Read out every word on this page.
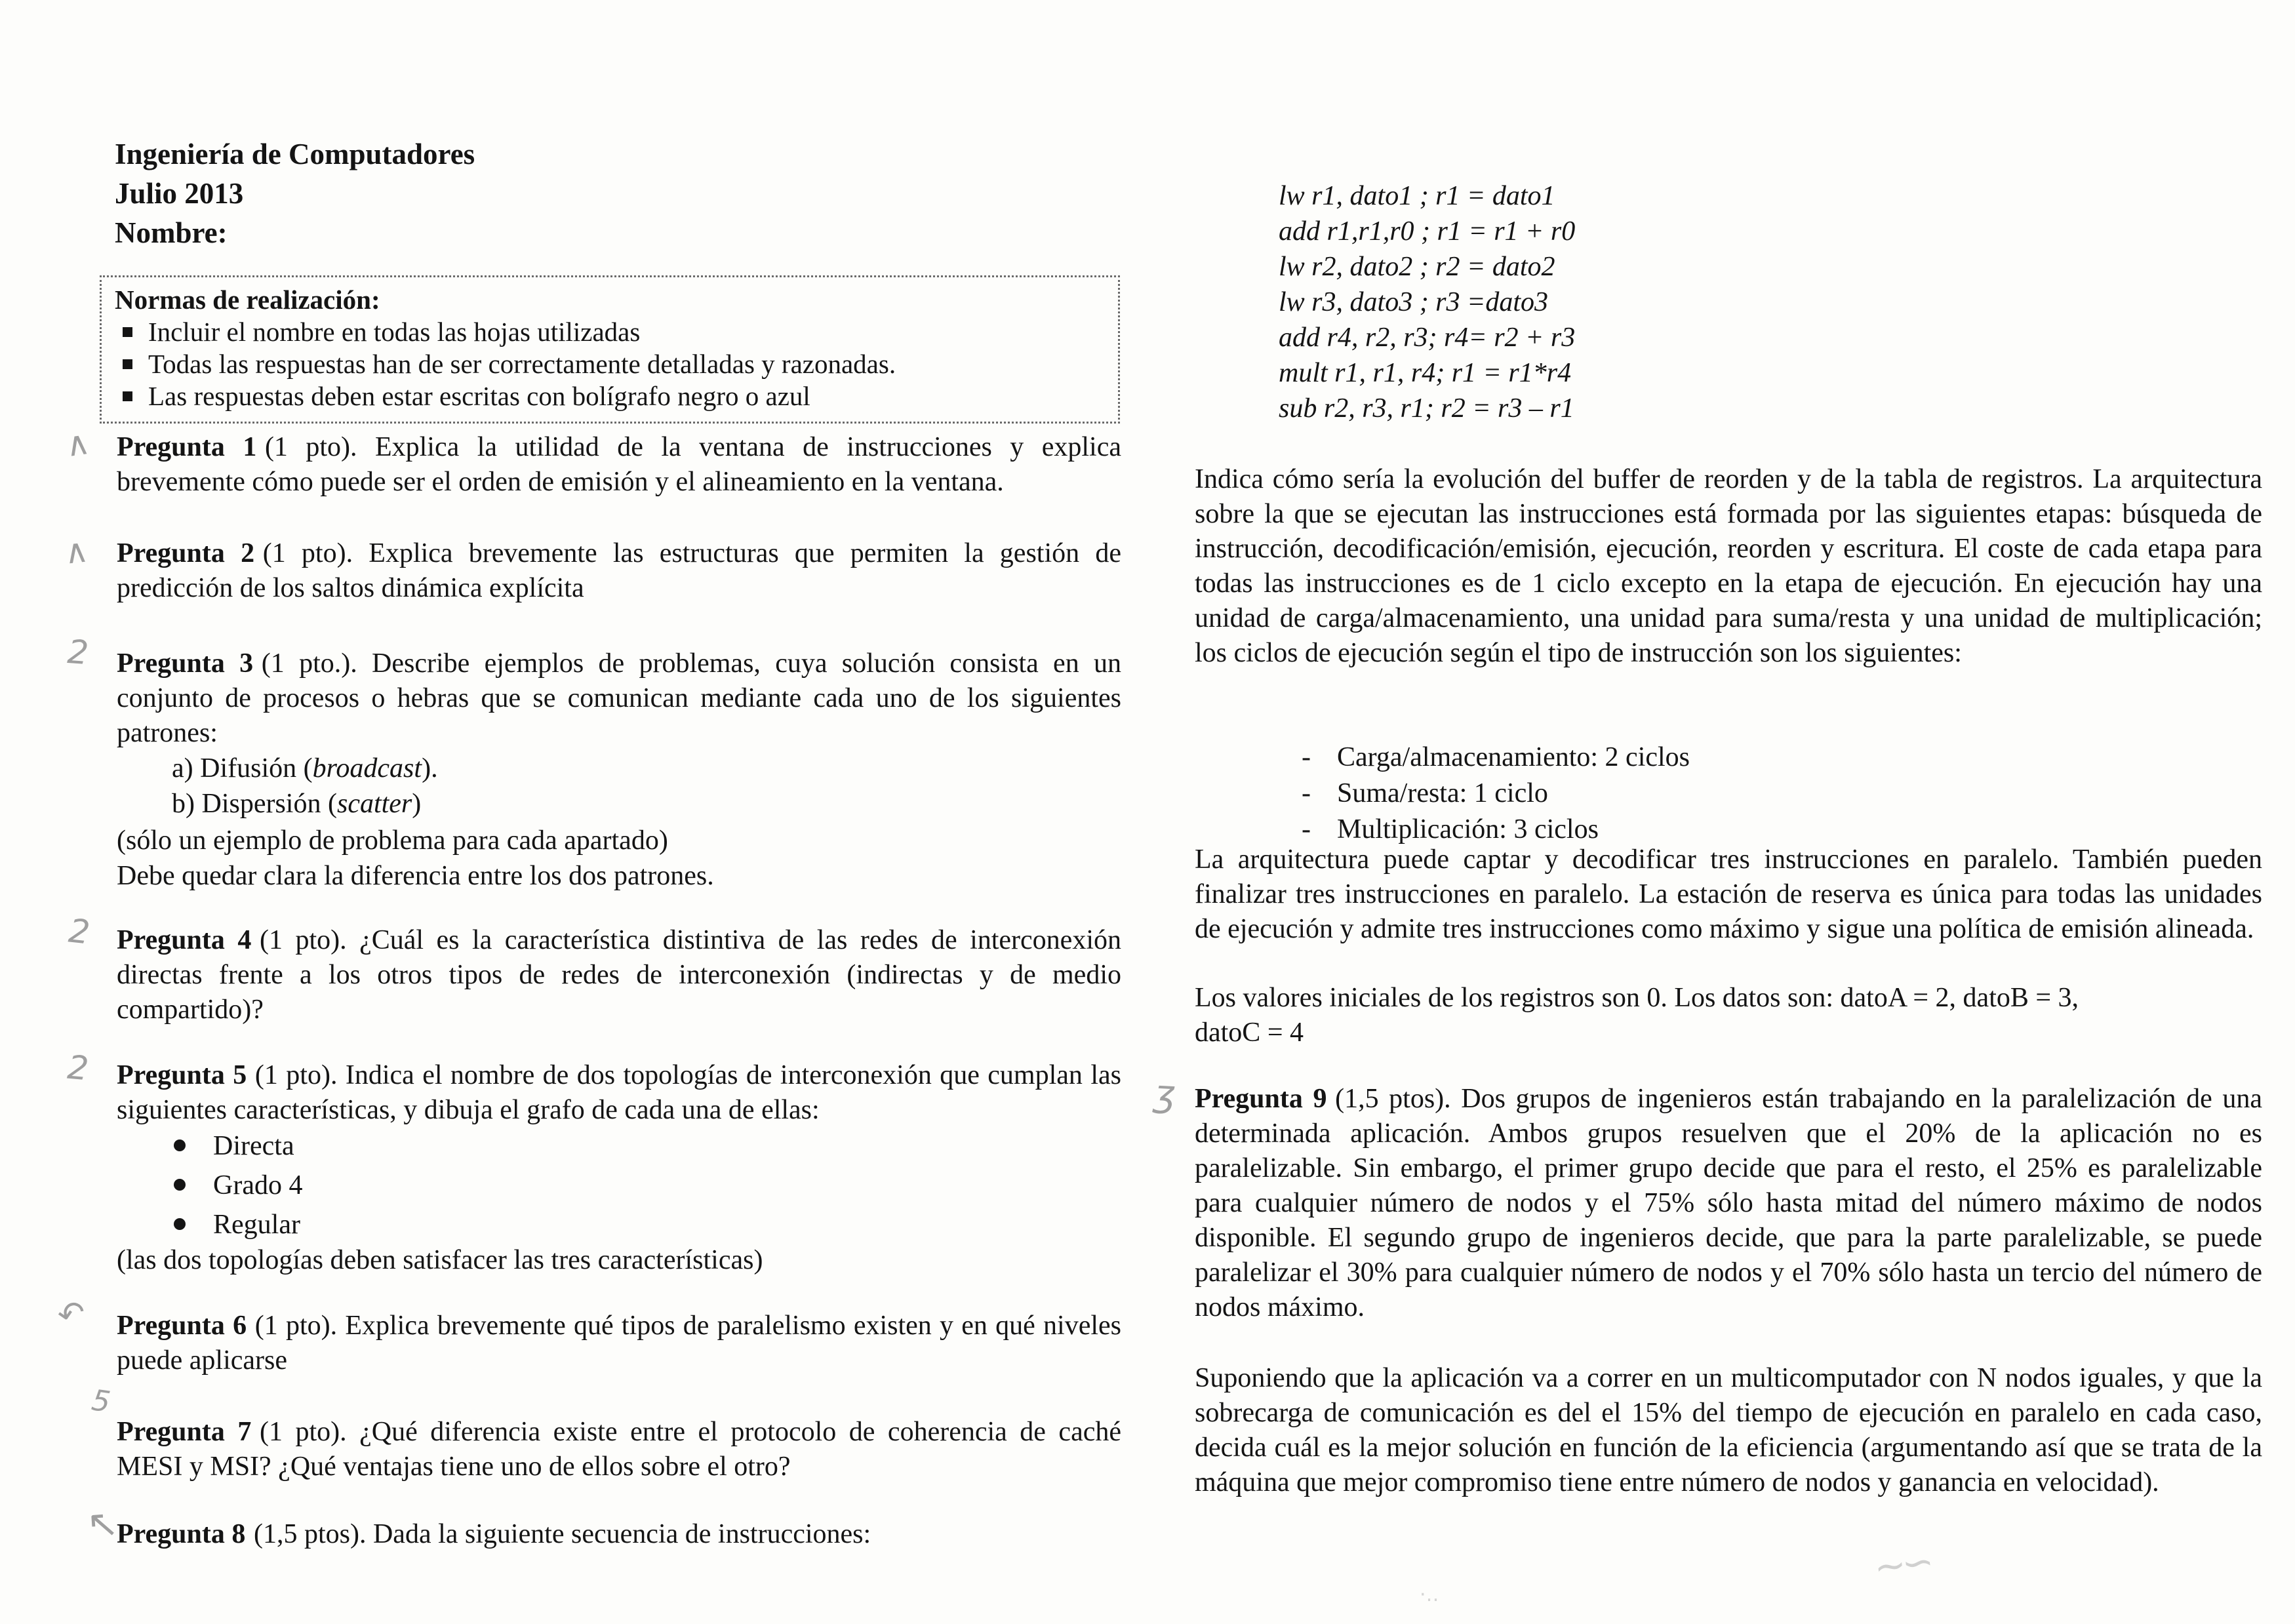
Ingeniería de Computadores
Julio 2013
Nombre:
Normas de realización:
Incluir el nombre en todas las hojas utilizadas
Todas las respuestas han de ser correctamente detalladas y razonadas.
Las respuestas deben estar escritas con bolígrafo negro o azul
Pregunta 1 (1 pto). Explica la utilidad de la ventana de instrucciones y explica brevemente cómo puede ser el orden de emisión y el alineamiento en la ventana.
Pregunta 2 (1 pto). Explica brevemente las estructuras que permiten la gestión de predicción de los saltos dinámica explícita
Pregunta 3 (1 pto.). Describe ejemplos de problemas, cuya solución consista en un conjunto de procesos o hebras que se comunican mediante cada uno de los siguientes patrones:
a) Difusión (broadcast).
b) Dispersión (scatter)
(sólo un ejemplo de problema para cada apartado)
Debe quedar clara la diferencia entre los dos patrones.
Pregunta 4 (1 pto). ¿Cuál es la característica distintiva de las redes de interconexión directas frente a los otros tipos de redes de interconexión (indirectas y de medio compartido)?
Pregunta 5 (1 pto). Indica el nombre de dos topologías de interconexión que cumplan las siguientes características, y dibuja el grafo de cada una de ellas:
Directa
Grado 4
Regular
(las dos topologías deben satisfacer las tres características)
Pregunta 6 (1 pto). Explica brevemente qué tipos de paralelismo existen y en qué niveles puede aplicarse
Pregunta 7 (1 pto). ¿Qué diferencia existe entre el protocolo de coherencia de caché MESI y MSI? ¿Qué ventajas tiene uno de ellos sobre el otro?
Pregunta 8 (1,5 ptos). Dada la siguiente secuencia de instrucciones:
lw r1, dato1 ; r1 = dato1
add r1,r1,r0 ; r1 = r1 + r0
lw r2, dato2 ; r2 = dato2
lw r3, dato3 ; r3 =dato3
add r4, r2, r3; r4= r2 + r3
mult r1, r1, r4; r1 = r1*r4
sub r2, r3, r1; r2 = r3 – r1
Indica cómo sería la evolución del buffer de reorden y de la tabla de registros. La arquitectura sobre la que se ejecutan las instrucciones está formada por las siguientes etapas: búsqueda de instrucción, decodificación/emisión, ejecución, reorden y escritura. El coste de cada etapa para todas las instrucciones es de 1 ciclo excepto en la etapa de ejecución. En ejecución hay una unidad de carga/almacenamiento, una unidad para suma/resta y una unidad de multiplicación; los ciclos de ejecución según el tipo de instrucción son los siguientes:
- Carga/almacenamiento: 2 ciclos
- Suma/resta: 1 ciclo
- Multiplicación: 3 ciclos
La arquitectura puede captar y decodificar tres instrucciones en paralelo. También pueden finalizar tres instrucciones en paralelo. La estación de reserva es única para todas las unidades de ejecución y admite tres instrucciones como máximo y sigue una política de emisión alineada.
Los valores iniciales de los registros son 0. Los datos son: datoA = 2, datoB = 3,
datoC = 4
Pregunta 9 (1,5 ptos). Dos grupos de ingenieros están trabajando en la paralelización de una determinada aplicación. Ambos grupos resuelven que el 20% de la aplicación no es paralelizable. Sin embargo, el primer grupo decide que para el resto, el 25% es paralelizable para cualquier número de nodos y el 75% sólo hasta mitad del número máximo de nodos disponible. El segundo grupo de ingenieros decide, que para la parte paralelizable, se puede paralelizar el 30% para cualquier número de nodos y el 70% sólo hasta un tercio del número de nodos máximo.
Suponiendo que la aplicación va a correr en un multicomputador con N nodos iguales, y que la sobrecarga de comunicación es del el 15% del tiempo de ejecución en paralelo en cada caso, decida cuál es la mejor solución en función de la eficiencia (argumentando así que se trata de la máquina que mejor compromiso tiene entre número de nodos y ganancia en velocidad).
∧
∧
2
2
2
↶
5
↖
ʒ
∼∽
·‥
